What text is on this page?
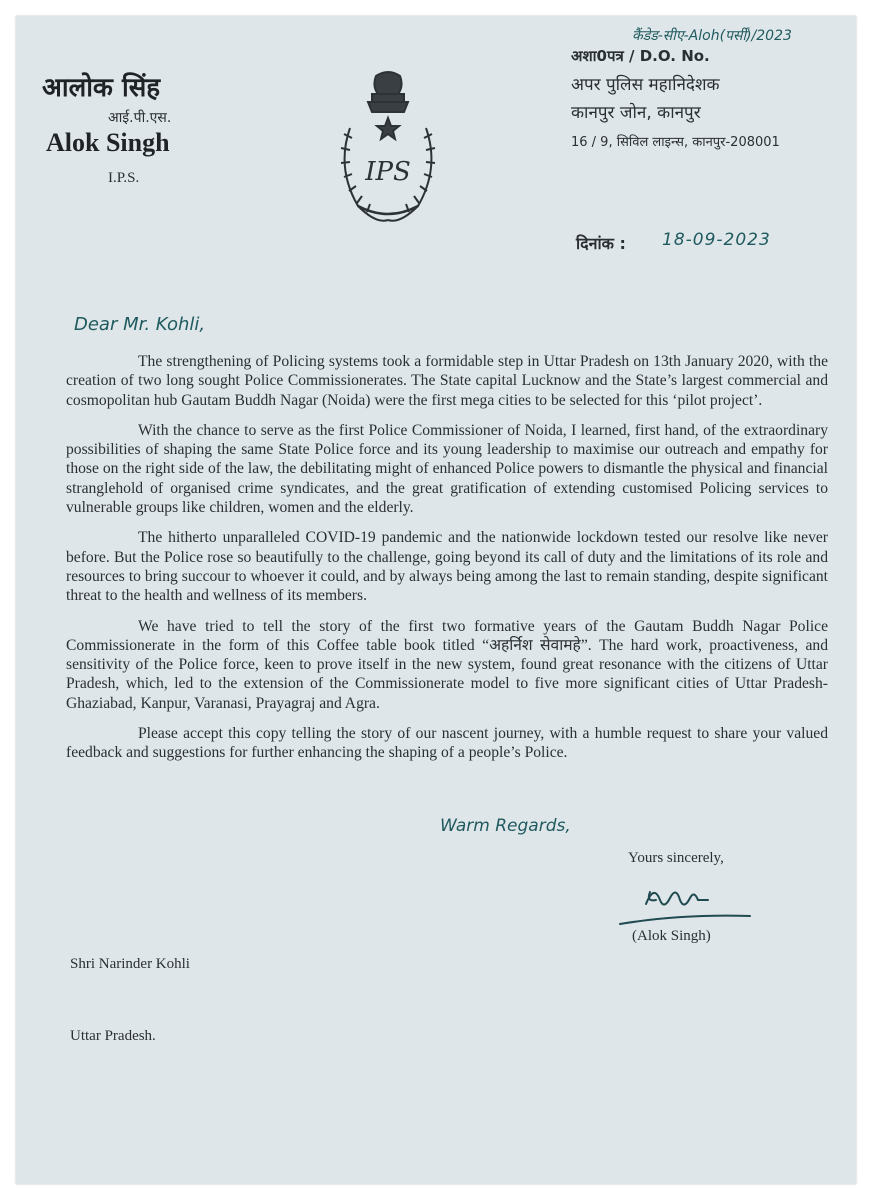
आलोक सिंह
आई.पी.एस.
Alok Singh
I.P.S.	IPS
कैंडेड-सीए-Aloh(पर्सी)/2023
अशा0पत्र / D.O. No.
अपर पुलिस महानिदेशक
कानपुर जोन, कानपुर
16 / 9, सिविल लाइन्स, कानपुर-208001
दिनांक : 18-09-2023
Dear Mr. Kohli,

The strengthening of Policing systems took a formidable step in Uttar Pradesh on 13th January 2020, with the creation of two long sought Police Commissionerates. The State capital Lucknow and the State’s largest commercial and cosmopolitan hub Gautam Buddh Nagar (Noida) were the first mega cities to be selected for this ‘pilot project’.

With the chance to serve as the first Police Commissioner of Noida, I learned, first hand, of the extraordinary possibilities of shaping the same State Police force and its young leadership to maximise our outreach and empathy for those on the right side of the law, the debilitating might of enhanced Police powers to dismantle the physical and financial stranglehold of organised crime syndicates, and the great gratification of extending customised Policing services to vulnerable groups like children, women and the elderly.

The hitherto unparalleled COVID-19 pandemic and the nationwide lockdown tested our resolve like never before. But the Police rose so beautifully to the challenge, going beyond its call of duty and the limitations of its role and resources to bring succour to whoever it could, and by always being among the last to remain standing, despite significant threat to the health and wellness of its members.

We have tried to tell the story of the first two formative years of the Gautam Buddh Nagar Police Commissionerate in the form of this Coffee table book titled “अहर्निश सेवामहे”. The hard work, proactiveness, and sensitivity of the Police force, keen to prove itself in the new system, found great resonance with the citizens of Uttar Pradesh, which, led to the extension of the Commissionerate model to five more significant cities of Uttar Pradesh- Ghaziabad, Kanpur, Varanasi, Prayagraj and Agra.

Please accept this copy telling the story of our nascent journey, with a humble request to share your valued feedback and suggestions for further enhancing the shaping of a people’s Police.

Warm Regards,
Yours sincerely,
(Alok Singh)
Shri Narinder Kohli
Uttar Pradesh.
